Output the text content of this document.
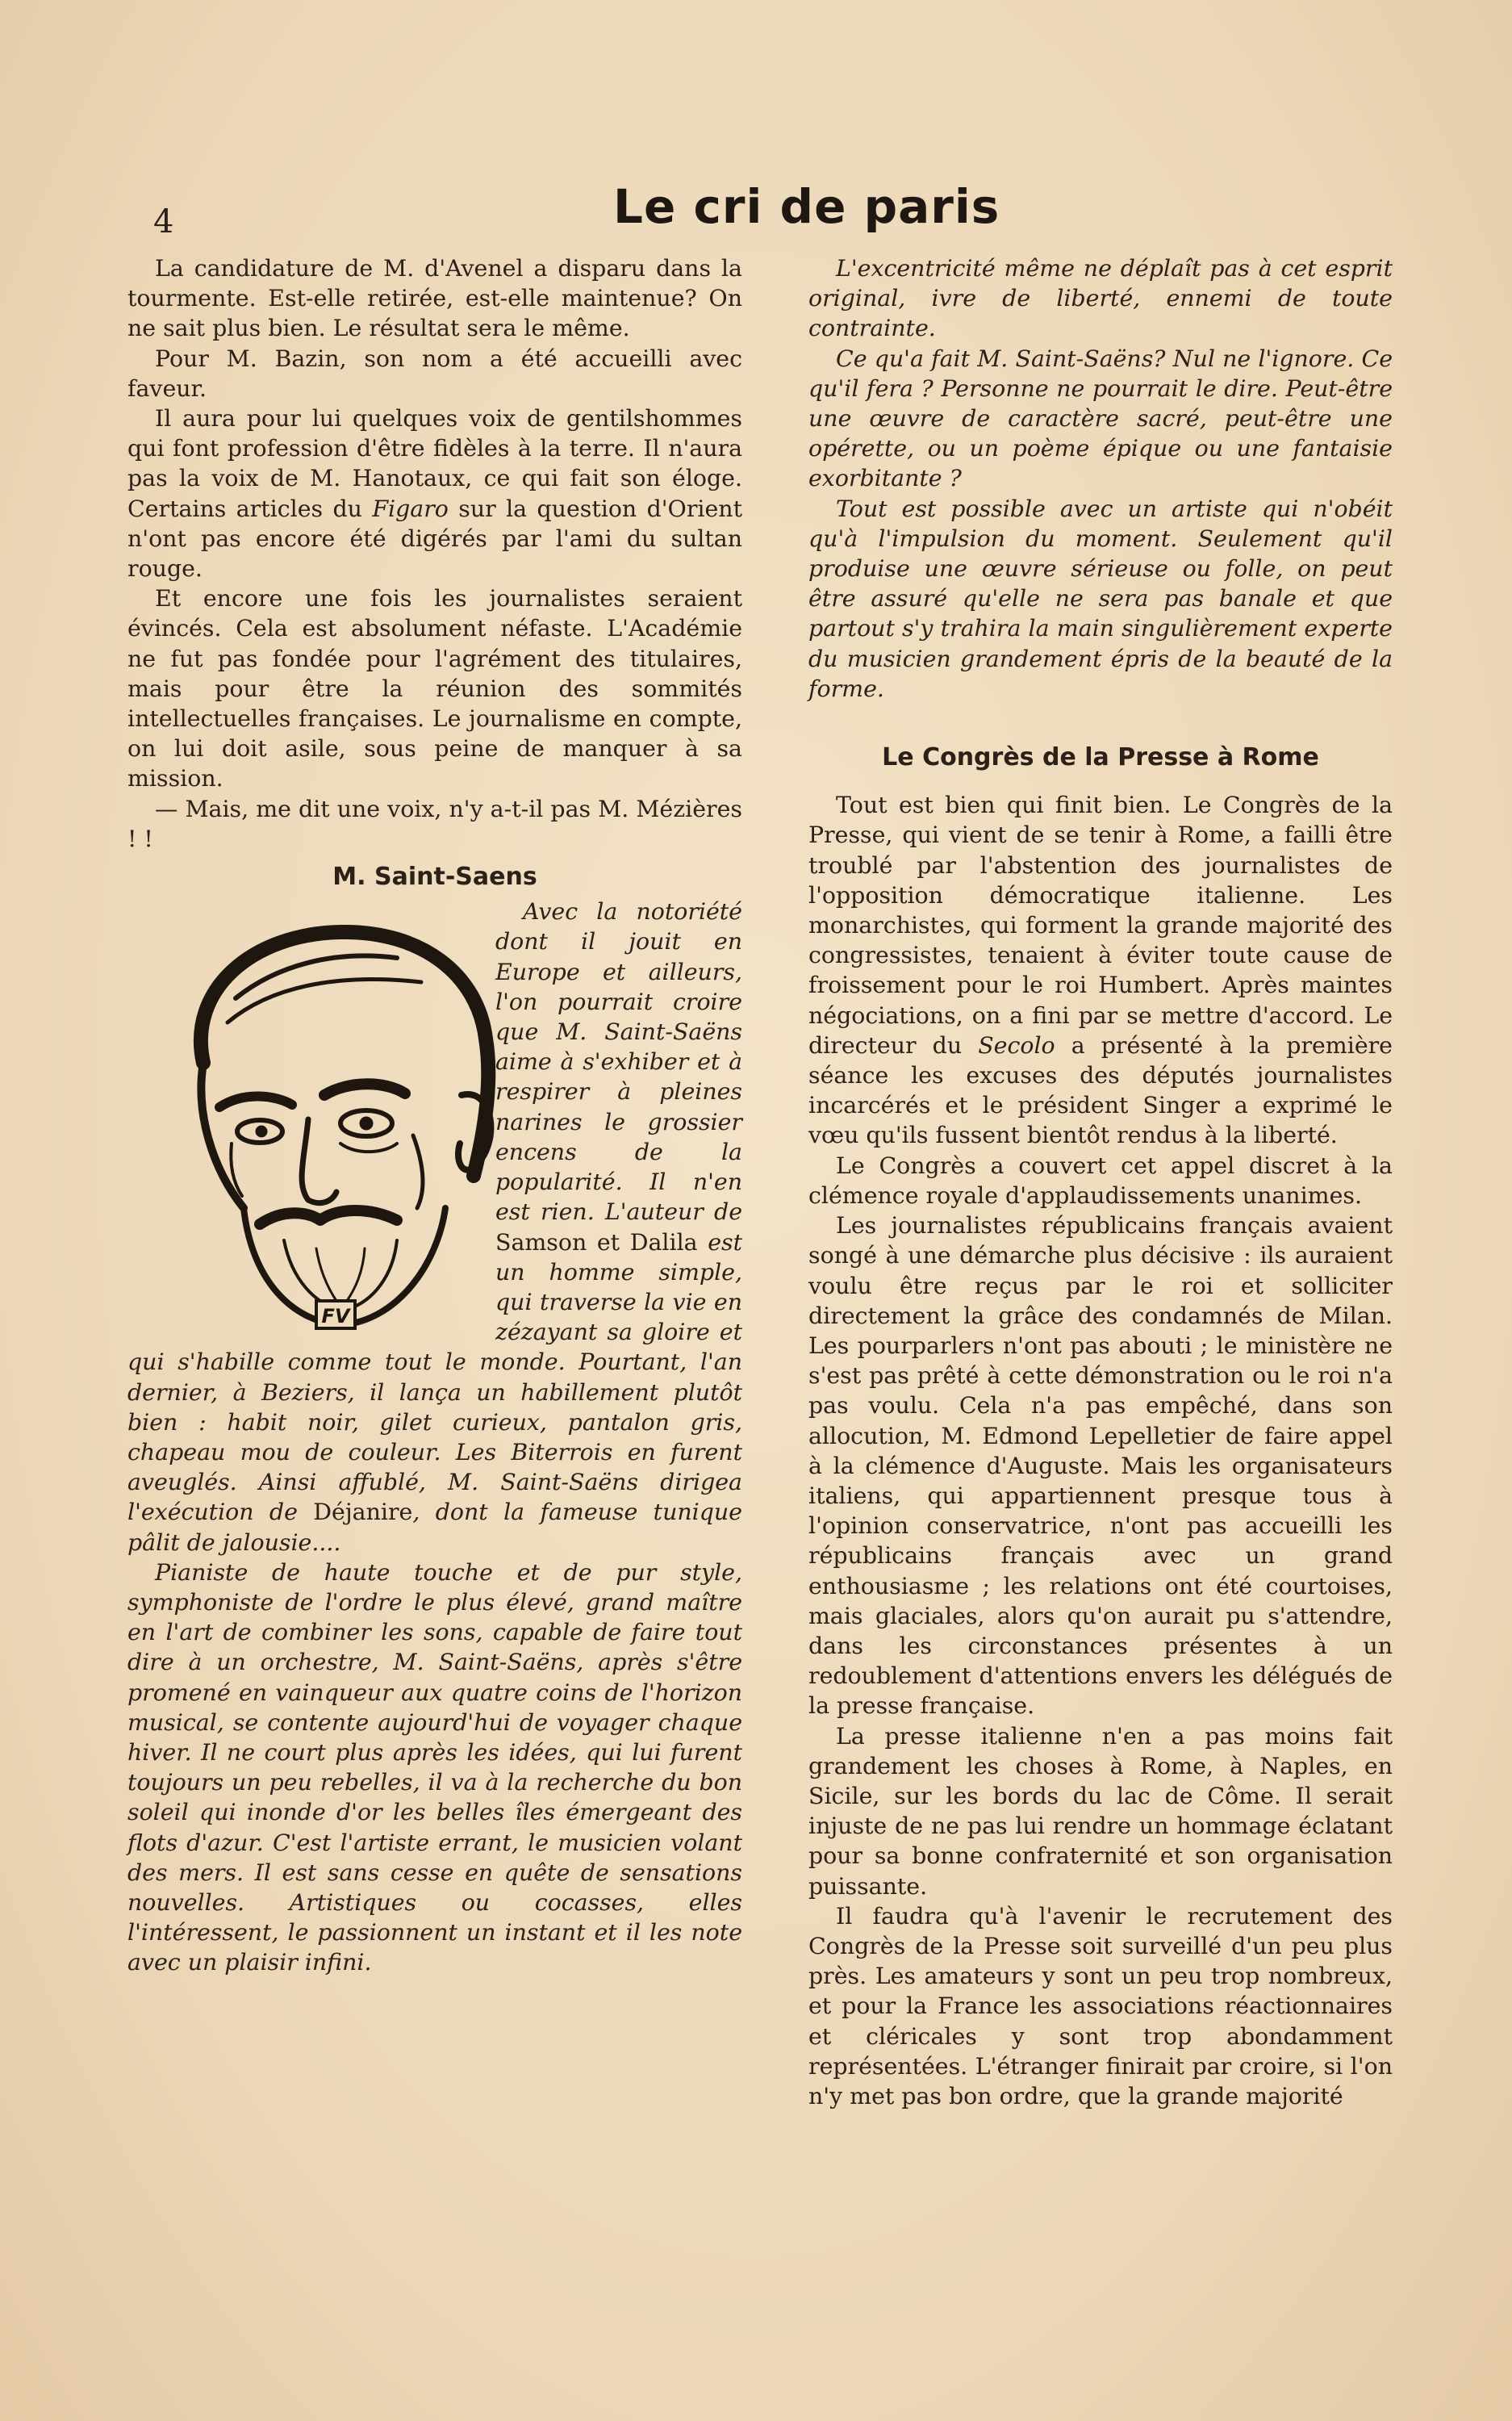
4	Le cri de paris

La candidature de M. d'Avenel a disparu dans la tourmente. Est-elle retirée, est-elle maintenue? On ne sait plus bien. Le résultat sera le même.

Pour M. Bazin, son nom a été accueilli avec faveur.

Il aura pour lui quelques voix de gentilshommes qui font profession d'être fidèles à la terre. Il n'aura pas la voix de M. Hanotaux, ce qui fait son éloge. Certains articles du Figaro sur la question d'Orient n'ont pas encore été digérés par l'ami du sultan rouge.

Et encore une fois les journalistes seraient évincés. Cela est absolument néfaste. L'Académie ne fut pas fondée pour l'agrément des titulaires, mais pour être la réunion des sommités intellectuelles françaises. Le journalisme en compte, on lui doit asile, sous peine de manquer à sa mission.

— Mais, me dit une voix, n'y a-t-il pas M. Mézières ! !

M. Saint-Saens

FV
Avec la notoriété dont il jouit en Europe et ailleurs, l'on pourrait croire que M. Saint-Saëns aime à s'exhiber et à respirer à pleines narines le grossier encens de la popularité. Il n'en est rien. L'auteur de Samson et Dalila est un homme simple, qui traverse la vie en zézayant sa gloire et qui s'habille comme tout le monde. Pourtant, l'an dernier, à Beziers, il lança un habillement plutôt bien : habit noir, gilet curieux, pantalon gris, chapeau mou de couleur. Les Biterrois en furent aveuglés. Ainsi affublé, M. Saint-Saëns dirigea l'exécution de Déjanire, dont la fameuse tunique pâlit de jalousie....

Pianiste de haute touche et de pur style, symphoniste de l'ordre le plus élevé, grand maître en l'art de combiner les sons, capable de faire tout dire à un orchestre, M. Saint-Saëns, après s'être promené en vainqueur aux quatre coins de l'horizon musical, se contente aujourd'hui de voyager chaque hiver. Il ne court plus après les idées, qui lui furent toujours un peu rebelles, il va à la recherche du bon soleil qui inonde d'or les belles îles émergeant des flots d'azur. C'est l'artiste errant, le musicien volant des mers. Il est sans cesse en quête de sensations nouvelles. Artistiques ou cocasses, elles l'intéressent, le passionnent un instant et il les note avec un plaisir infini.

L'excentricité même ne déplaît pas à cet esprit original, ivre de liberté, ennemi de toute contrainte.

Ce qu'a fait M. Saint-Saëns? Nul ne l'ignore. Ce qu'il fera ? Personne ne pourrait le dire. Peut-être une œuvre de caractère sacré, peut-être une opérette, ou un poème épique ou une fantaisie exorbitante ?

Tout est possible avec un artiste qui n'obéit qu'à l'impulsion du moment. Seulement qu'il produise une œuvre sérieuse ou folle, on peut être assuré qu'elle ne sera pas banale et que partout s'y trahira la main singulièrement experte du musicien grandement épris de la beauté de la forme.

Le Congrès de la Presse à Rome

Tout est bien qui finit bien. Le Congrès de la Presse, qui vient de se tenir à Rome, a failli être troublé par l'abstention des journalistes de l'opposition démocratique italienne. Les monarchistes, qui forment la grande majorité des congressistes, tenaient à éviter toute cause de froissement pour le roi Humbert. Après maintes négociations, on a fini par se mettre d'accord. Le directeur du Secolo a présenté à la première séance les excuses des députés journalistes incarcérés et le président Singer a exprimé le vœu qu'ils fussent bientôt rendus à la liberté.

Le Congrès a couvert cet appel discret à la clémence royale d'applaudissements unanimes.

Les journalistes républicains français avaient songé à une démarche plus décisive : ils auraient voulu être reçus par le roi et solliciter directement la grâce des condamnés de Milan. Les pourparlers n'ont pas abouti ; le ministère ne s'est pas prêté à cette démonstration ou le roi n'a pas voulu. Cela n'a pas empêché, dans son allocution, M. Edmond Lepelletier de faire appel à la clémence d'Auguste. Mais les organisateurs italiens, qui appartiennent presque tous à l'opinion conservatrice, n'ont pas accueilli les républicains français avec un grand enthousiasme ; les relations ont été courtoises, mais glaciales, alors qu'on aurait pu s'attendre, dans les circonstances présentes à un redoublement d'attentions envers les délégués de la presse française.

La presse italienne n'en a pas moins fait grandement les choses à Rome, à Naples, en Sicile, sur les bords du lac de Côme. Il serait injuste de ne pas lui rendre un hommage éclatant pour sa bonne confraternité et son organisation puissante.

Il faudra qu'à l'avenir le recrutement des Congrès de la Presse soit surveillé d'un peu plus près. Les amateurs y sont un peu trop nombreux, et pour la France les associations réactionnaires et cléricales y sont trop abondamment représentées. L'étranger finirait par croire, si l'on n'y met pas bon ordre, que la grande majorité
